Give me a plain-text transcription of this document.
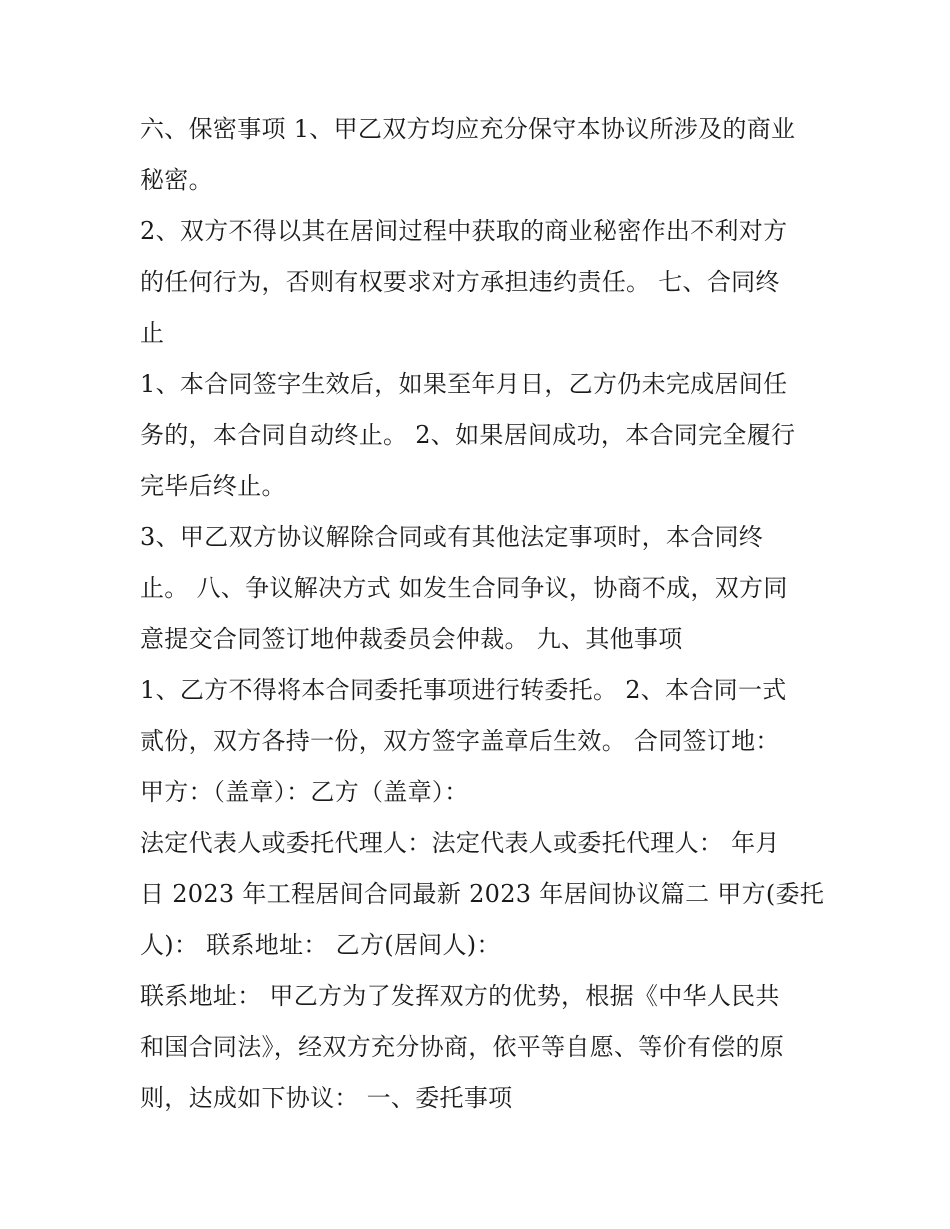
六、保密事项 1、甲乙双方均应充分保守本协议所涉及的商业
秘密。
2、双方不得以其在居间过程中获取的商业秘密作出不利对方
的任何行为，否则有权要求对方承担违约责任。 七、合同终
止
1、本合同签字生效后，如果至年月日，乙方仍未完成居间任
务的，本合同自动终止。 2、如果居间成功，本合同完全履行
完毕后终止。
3、甲乙双方协议解除合同或有其他法定事项时，本合同终
止。 八、争议解决方式 如发生合同争议，协商不成，双方同
意提交合同签订地仲裁委员会仲裁。 九、其他事项
1、乙方不得将本合同委托事项进行转委托。 2、本合同一式
贰份，双方各持一份，双方签字盖章后生效。 合同签订地：
甲方：（盖章）：乙方（盖章）：
法定代表人或委托代理人：法定代表人或委托代理人： 年月
日 2023 年工程居间合同最新 2023 年居间协议篇二 甲方(委托
人)： 联系地址： 乙方(居间人)：
联系地址： 甲乙方为了发挥双方的优势，根据《中华人民共
和国合同法》，经双方充分协商，依平等自愿、等价有偿的原
则，达成如下协议： 一、委托事项
